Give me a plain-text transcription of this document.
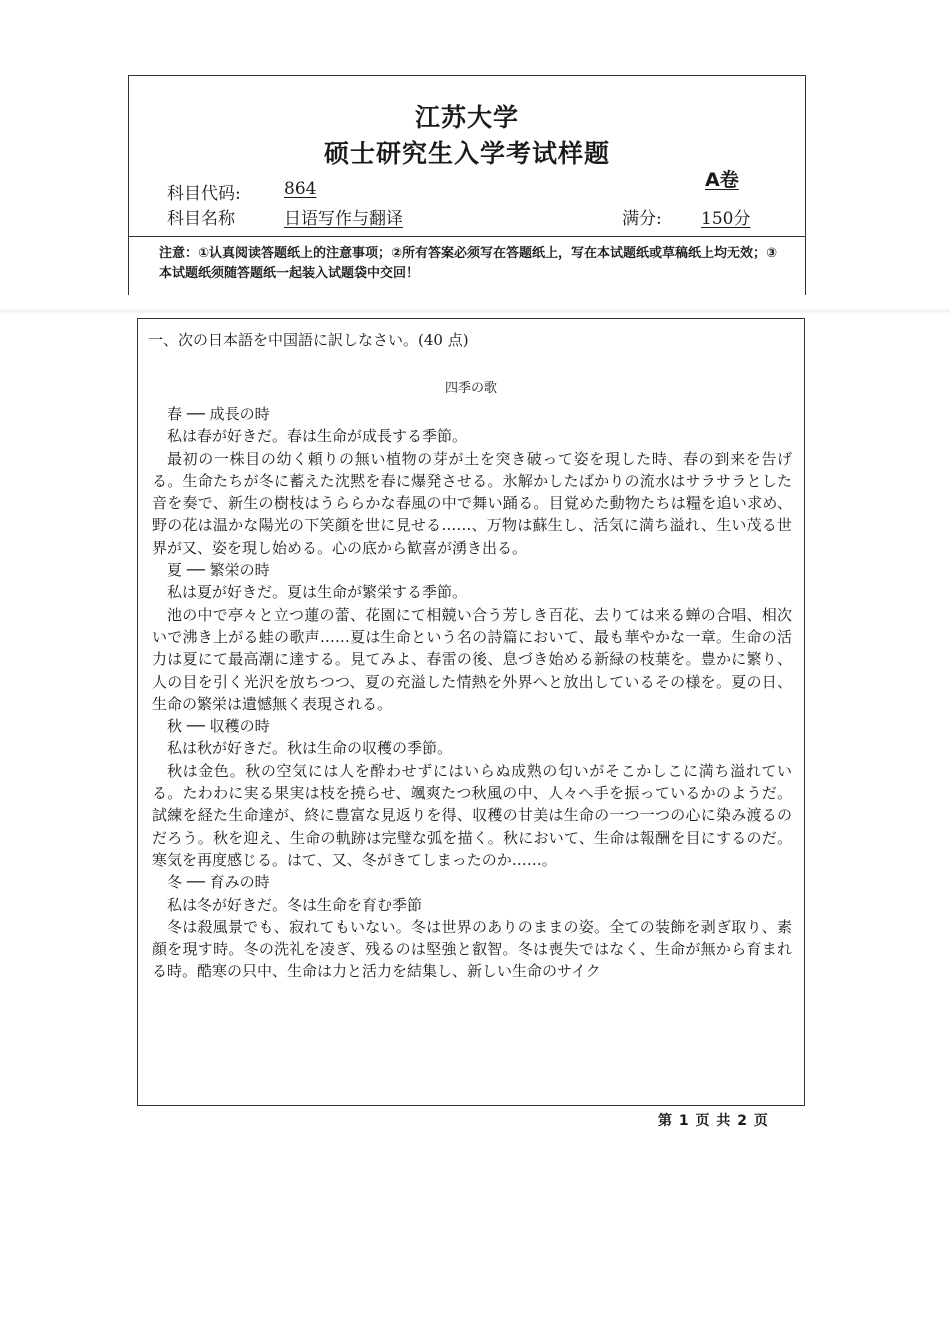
江苏大学
硕士研究生入学考试样题
科目代码:	864	A卷
科目名称	日语写作与翻译	满分: 150分
注意：①认真阅读答题纸上的注意事项；②所有答案必须写在答题纸上，写在本试题纸或草稿纸上均无效；③本试题纸须随答题纸一起装入试题袋中交回！
一、次の日本語を中国語に訳しなさい。(40 点)
四季の歌

春 ── 成長の時

私は春が好きだ。春は生命が成長する季節。

最初の一株目の幼く頼りの無い植物の芽が土を突き破って姿を現した時、春の到来を告げる。生命たちが冬に蓄えた沈黙を春に爆発させる。氷解かしたばかりの流水はサラサラとした音を奏で、新生の樹枝はうららかな春風の中で舞い踊る。目覚めた動物たちは糧を追い求め、野の花は温かな陽光の下笑顔を世に見せる……、万物は蘇生し、活気に満ち溢れ、生い茂る世界が又、姿を現し始める。心の底から歓喜が湧き出る。

夏 ── 繁栄の時

私は夏が好きだ。夏は生命が繁栄する季節。

池の中で亭々と立つ蓮の蕾、花園にて相競い合う芳しき百花、去りては来る蝉の合唱、相次いで沸き上がる蛙の歌声……夏は生命という名の詩篇において、最も華やかな一章。生命の活力は夏にて最高潮に達する。見てみよ、春雷の後、息づき始める新緑の枝葉を。豊かに繁り、人の目を引く光沢を放ちつつ、夏の充溢した情熱を外界へと放出しているその様を。夏の日、生命の繁栄は遺憾無く表現される。

秋 ── 収穫の時

私は秋が好きだ。秋は生命の収穫の季節。

秋は金色。秋の空気には人を酔わせずにはいらぬ成熟の匂いがそこかしこに満ち溢れている。たわわに実る果実は枝を撓らせ、颯爽たつ秋風の中、人々へ手を振っているかのようだ。試練を経た生命達が、終に豊富な見返りを得、収穫の甘美は生命の一つ一つの心に染み渡るのだろう。秋を迎え、生命の軌跡は完璧な弧を描く。秋において、生命は報酬を目にするのだ。寒気を再度感じる。はて、又、冬がきてしまったのか……。

冬 ── 育みの時

私は冬が好きだ。冬は生命を育む季節

冬は殺風景でも、寂れてもいない。冬は世界のありのままの姿。全ての装飾を剥ぎ取り、素顔を現す時。冬の洗礼を凌ぎ、残るのは堅強と叡智。冬は喪失ではなく、生命が無から育まれる時。酷寒の只中、生命は力と活力を結集し、新しい生命のサイク

第 1 页 共 2 页
